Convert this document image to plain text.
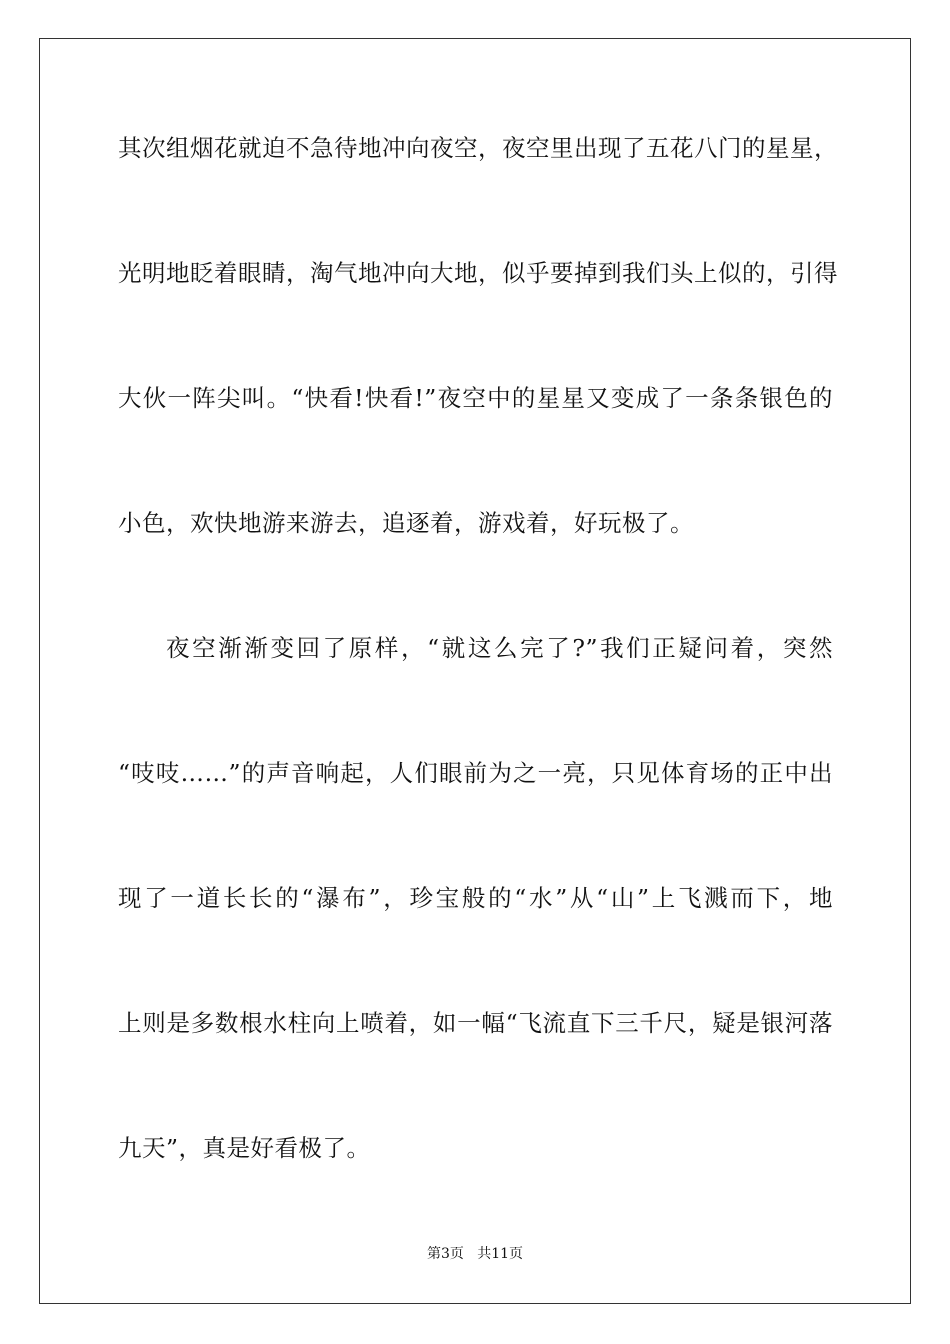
其次组烟花就迫不急待地冲向夜空，夜空里出现了五花八门的星星，
光明地眨着眼睛，淘气地冲向大地，似乎要掉到我们头上似的，引得
大伙一阵尖叫。“快看!快看!”夜空中的星星又变成了一条条银色的
小色，欢快地游来游去，追逐着，游戏着，好玩极了。
夜空渐渐变回了原样，“就这么完了?”我们正疑问着，突然
“吱吱……”的声音响起，人们眼前为之一亮，只见体育场的正中出
现了一道长长的“瀑布”，珍宝般的“水”从“山”上飞溅而下，地
上则是多数根水柱向上喷着，如一幅“飞流直下三千尺，疑是银河落
九天”，真是好看极了。
第3页   共11页
